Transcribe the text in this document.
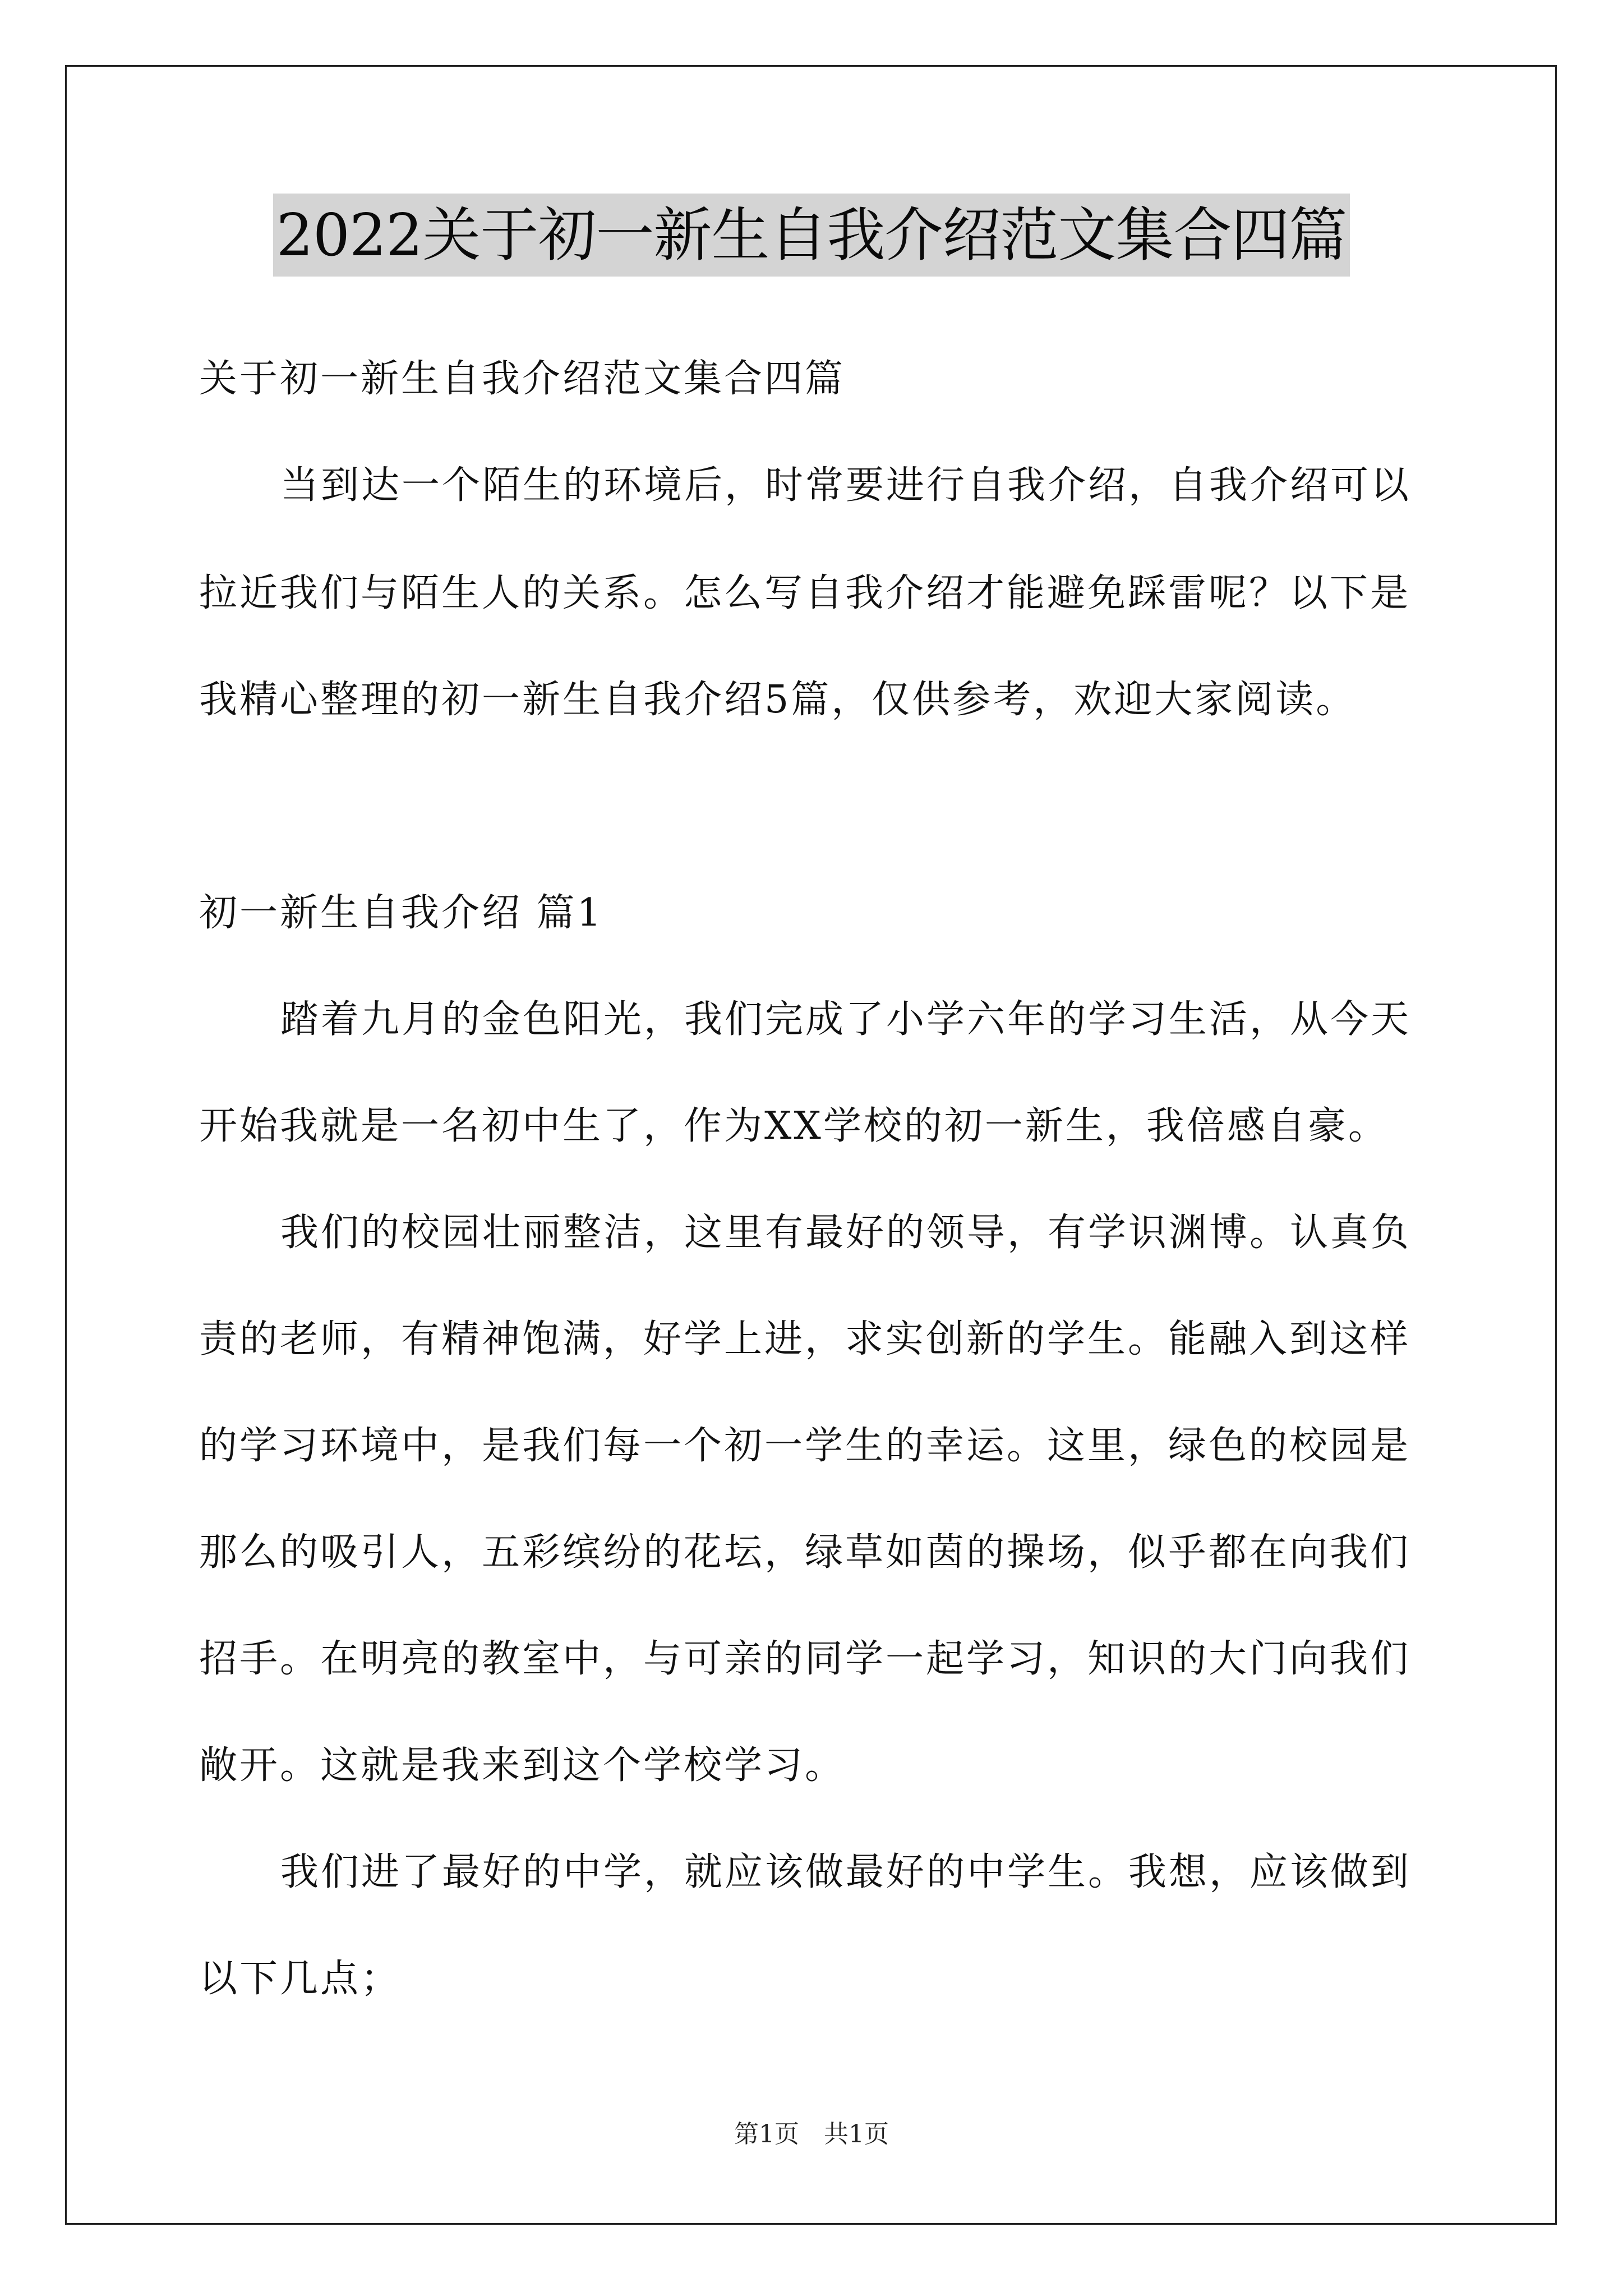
2022关于初一新生自我介绍范文集合四篇
关于初一新生自我介绍范文集合四篇
当到达一个陌生的环境后，时常要进行自我介绍，自我介绍可以
拉近我们与陌生人的关系。怎么写自我介绍才能避免踩雷呢？以下是
我精心整理的初一新生自我介绍5篇，仅供参考，欢迎大家阅读。
初一新生自我介绍 篇1
踏着九月的金色阳光，我们完成了小学六年的学习生活，从今天
开始我就是一名初中生了，作为XX学校的初一新生，我倍感自豪。
我们的校园壮丽整洁，这里有最好的领导，有学识渊博。认真负
责的老师，有精神饱满，好学上进，求实创新的学生。能融入到这样
的学习环境中，是我们每一个初一学生的幸运。这里，绿色的校园是
那么的吸引人，五彩缤纷的花坛，绿草如茵的操场，似乎都在向我们
招手。在明亮的教室中，与可亲的同学一起学习，知识的大门向我们
敞开。这就是我来到这个学校学习。
我们进了最好的中学，就应该做最好的中学生。我想，应该做到
以下几点；
第1页　共1页
